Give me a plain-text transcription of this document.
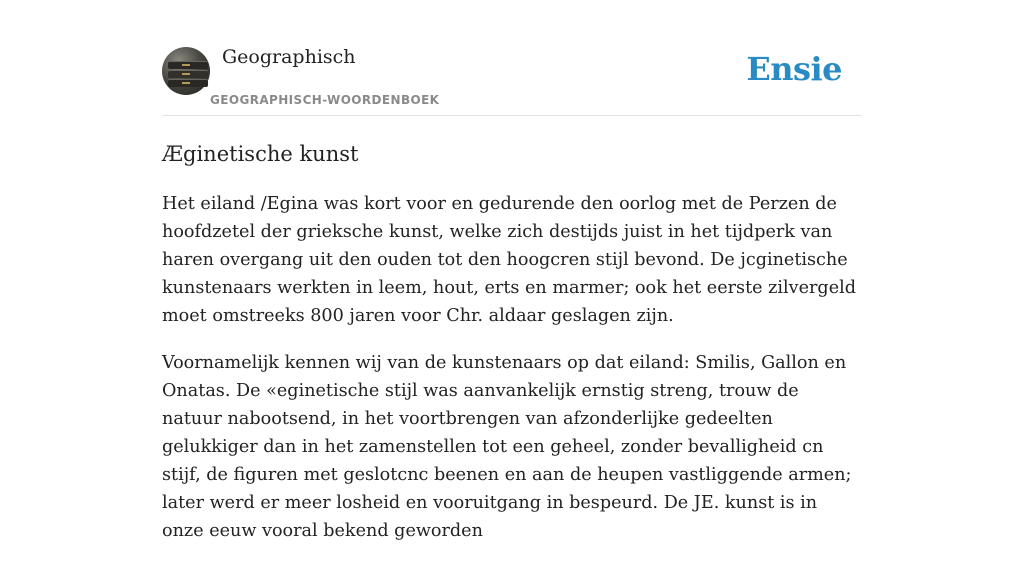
Geographisch
GEOGRAPHISCH-WOORDENBOEK
Ensie
Æginetische kunst

Het eiland /Egina was kort voor en gedurende den oorlog met de Perzen de hoofdzetel der grieksche kunst, welke zich destijds juist in het tijdperk van haren overgang uit den ouden tot den hoogcren stijl bevond. De jcginetische kunstenaars werkten in leem, hout, erts en marmer; ook het eerste zilvergeld moet omstreeks 800 jaren voor Chr. aldaar geslagen zijn.

Voornamelijk kennen wij van de kunstenaars op dat eiland: Smilis, Gallon en Onatas. De «eginetische stijl was aanvankelijk ernstig streng, trouw de natuur nabootsend, in het voortbrengen van afzonderlijke gedeelten gelukkiger dan in het zamenstellen tot een geheel, zonder bevalligheid cn stijf, de figuren met geslotcnc beenen en aan de heupen vastliggende armen; later werd er meer losheid en vooruitgang in bespeurd. De JE. kunst is in onze eeuw vooral bekend geworden
